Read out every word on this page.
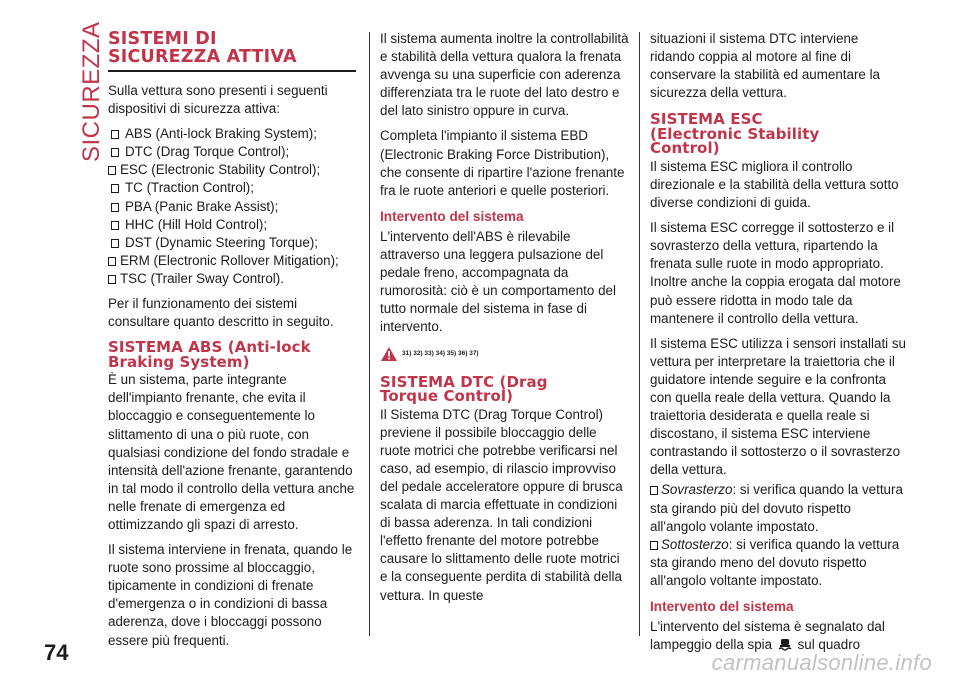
SICUREZZA SISTEMI DI
SICUREZZA ATTIVA

Sulla vettura sono presenti i seguenti dispositivi di sicurezza attiva:

ABS (Anti-lock Braking System);
DTC (Drag Torque Control);
ESC (Electronic Stability Control);
TC (Traction Control);
PBA (Panic Brake Assist);
HHC (Hill Hold Control);
DST (Dynamic Steering Torque);
ERM (Electronic Rollover Mitigation);
TSC (Trailer Sway Control).

Per il funzionamento dei sistemi consultare quanto descritto in seguito.

SISTEMA ABS (Anti-lock
Braking System)

È un sistema, parte integrante dell'impianto frenante, che evita il bloccaggio e conseguentemente lo slittamento di una o più ruote, con qualsiasi condizione del fondo stradale e intensità dell'azione frenante, garantendo in tal modo il controllo della vettura anche nelle frenate di emergenza ed ottimizzando gli spazi di arresto.

Il sistema interviene in frenata, quando le ruote sono prossime al bloccaggio, tipicamente in condizioni di frenate d'emergenza o in condizioni di bassa aderenza, dove i bloccaggi possono essere più frequenti.

Il sistema aumenta inoltre la controllabilità e stabilità della vettura qualora la frenata avvenga su una superficie con aderenza differenziata tra le ruote del lato destro e del lato sinistro oppure in curva.

Completa l'impianto il sistema EBD (Electronic Braking Force Distribution), che consente di ripartire l'azione frenante fra le ruote anteriori e quelle posteriori.

Intervento del sistema

L'intervento dell'ABS è rilevabile attraverso una leggera pulsazione del pedale freno, accompagnata da rumorosità: ciò è un comportamento del tutto normale del sistema in fase di intervento.

31) 32) 33) 34) 35) 36) 37)
SISTEMA DTC (Drag
Torque Control)

Il Sistema DTC (Drag Torque Control) previene il possibile bloccaggio delle ruote motrici che potrebbe verificarsi nel caso, ad esempio, di rilascio improvviso del pedale acceleratore oppure di brusca scalata di marcia effettuate in condizioni di bassa aderenza. In tali condizioni l'effetto frenante del motore potrebbe causare lo slittamento delle ruote motrici e la conseguente perdita di stabilità della vettura. In queste

situazioni il sistema DTC interviene ridando coppia al motore al fine di conservare la stabilità ed aumentare la sicurezza della vettura.

SISTEMA ESC
(Electronic Stability
Control)

Il sistema ESC migliora il controllo direzionale e la stabilità della vettura sotto diverse condizioni di guida.

Il sistema ESC corregge il sottosterzo e il sovrasterzo della vettura, ripartendo la frenata sulle ruote in modo appropriato. Inoltre anche la coppia erogata dal motore può essere ridotta in modo tale da mantenere il controllo della vettura.

Il sistema ESC utilizza i sensori installati su vettura per interpretare la traiettoria che il guidatore intende seguire e la confronta con quella reale della vettura. Quando la traiettoria desiderata e quella reale si discostano, il sistema ESC interviene contrastando il sottosterzo o il sovrasterzo della vettura.

Sovrasterzo: si verifica quando la vettura sta girando più del dovuto rispetto all'angolo volante impostato.
Sottosterzo: si verifica quando la vettura sta girando meno del dovuto rispetto all'angolo voltante impostato.
Intervento del sistema

L'intervento del sistema è segnalato dal lampeggio della spia sul quadro

74	carmanualsonline.info
